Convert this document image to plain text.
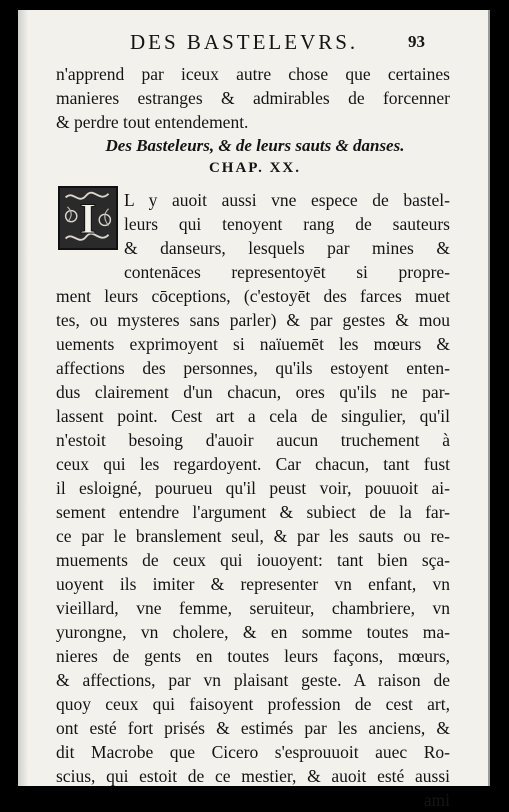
DES BASTELEVRS.	93
n'apprend par iceux autre chose que certaines
manieres estranges & admirables de forcenner
& perdre tout entendement.
Des Basteleurs, & de leurs sauts & danses.
CHAP. XX.
I	L y auoit aussi vne espece de bastel-
leurs qui tenoyent rang de sauteurs
& danseurs, lesquels par mines &
contenāces representoyēt si propre-
ment leurs cōceptions, (c'estoyēt des farces muet
tes, ou mysteres sans parler) & par gestes & mou
uements exprimoyent si naïuemēt les mœurs &
affections des personnes, qu'ils estoyent enten-
dus clairement d'un chacun, ores qu'ils ne par-
lassent point. Cest art a cela de singulier, qu'il
n'estoit besoing d'auoir aucun truchement à
ceux qui les regardoyent. Car chacun, tant fust
il esloigné, pourueu qu'il peust voir, pouuoit ai-
sement entendre l'argument & subiect de la far-
ce par le branslement seul, & par les sauts ou re-
muements de ceux qui iouoyent: tant bien sça-
uoyent ils imiter & representer vn enfant, vn
vieillard, vne femme, seruiteur, chambriere, vn
yurongne, vn cholere, & en somme toutes ma-
nieres de gents en toutes leurs façons, mœurs,
& affections, par vn plaisant geste. A raison de
quoy ceux qui faisoyent profession de cest art,
ont esté fort prisés & estimés par les anciens, &
dit Macrobe que Cicero s'esprouuoit auec Ro-
scius, qui estoit de ce mestier, & auoit esté aussi
ami
